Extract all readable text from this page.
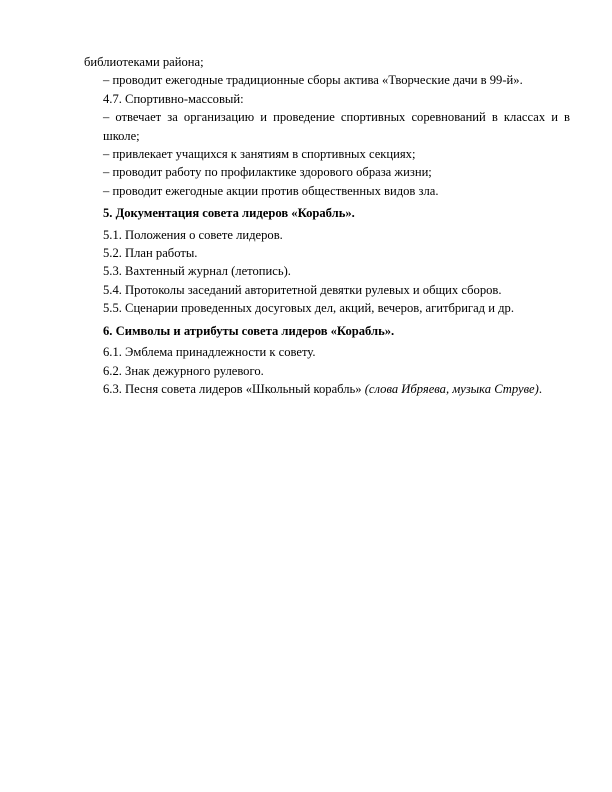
библиотеками района;

– проводит ежегодные традиционные сборы актива «Творческие дачи в 99-й».

4.7. Спортивно-массовый:

– отвечает за организацию и проведение спортивных соревнований в классах и в школе;

– привлекает учащихся к занятиям в спортивных секциях;

– проводит работу по профилактике здорового образа жизни;

– проводит ежегодные акции против общественных видов зла.

5. Документация совета лидеров «Корабль».

5.1. Положения о совете лидеров.

5.2. План работы.

5.3. Вахтенный журнал (летопись).

5.4. Протоколы заседаний авторитетной девятки рулевых и общих сборов.

5.5. Сценарии проведенных досуговых дел, акций, вечеров, агитбригад и др.

6. Символы и атрибуты совета лидеров «Корабль».

6.1. Эмблема принадлежности к совету.

6.2. Знак дежурного рулевого.

6.3. Песня совета лидеров «Школьный корабль» (слова Ибряева, музыка Струве).
